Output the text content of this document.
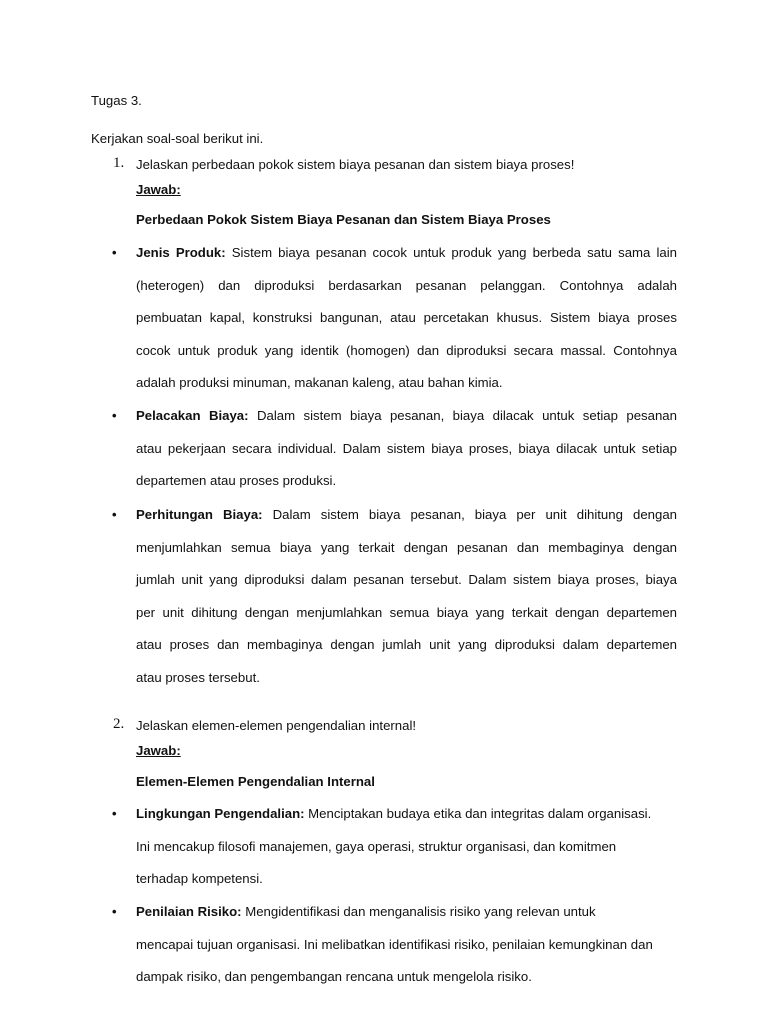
Tugas 3.

Kerjakan soal-soal berikut ini.

1. Jelaskan perbedaan pokok sistem biaya pesanan dan sistem biaya proses!

Jawab:

Perbedaan Pokok Sistem Biaya Pesanan dan Sistem Biaya Proses

• Jenis Produk: Sistem biaya pesanan cocok untuk produk yang berbeda satu sama lain
(heterogen) dan diproduksi berdasarkan pesanan pelanggan. Contohnya adalah
pembuatan kapal, konstruksi bangunan, atau percetakan khusus. Sistem biaya proses
cocok untuk produk yang identik (homogen) dan diproduksi secara massal. Contohnya
adalah produksi minuman, makanan kaleng, atau bahan kimia.
• Pelacakan Biaya: Dalam sistem biaya pesanan, biaya dilacak untuk setiap pesanan
atau pekerjaan secara individual. Dalam sistem biaya proses, biaya dilacak untuk setiap
departemen atau proses produksi.
• Perhitungan Biaya: Dalam sistem biaya pesanan, biaya per unit dihitung dengan
menjumlahkan semua biaya yang terkait dengan pesanan dan membaginya dengan
jumlah unit yang diproduksi dalam pesanan tersebut. Dalam sistem biaya proses, biaya
per unit dihitung dengan menjumlahkan semua biaya yang terkait dengan departemen
atau proses dan membaginya dengan jumlah unit yang diproduksi dalam departemen
atau proses tersebut.
2. Jelaskan elemen-elemen pengendalian internal!

Jawab:

Elemen-Elemen Pengendalian Internal

• Lingkungan Pengendalian: Menciptakan budaya etika dan integritas dalam organisasi.
Ini mencakup filosofi manajemen, gaya operasi, struktur organisasi, dan komitmen
terhadap kompetensi.
• Penilaian Risiko: Mengidentifikasi dan menganalisis risiko yang relevan untuk
mencapai tujuan organisasi. Ini melibatkan identifikasi risiko, penilaian kemungkinan dan
dampak risiko, dan pengembangan rencana untuk mengelola risiko.
